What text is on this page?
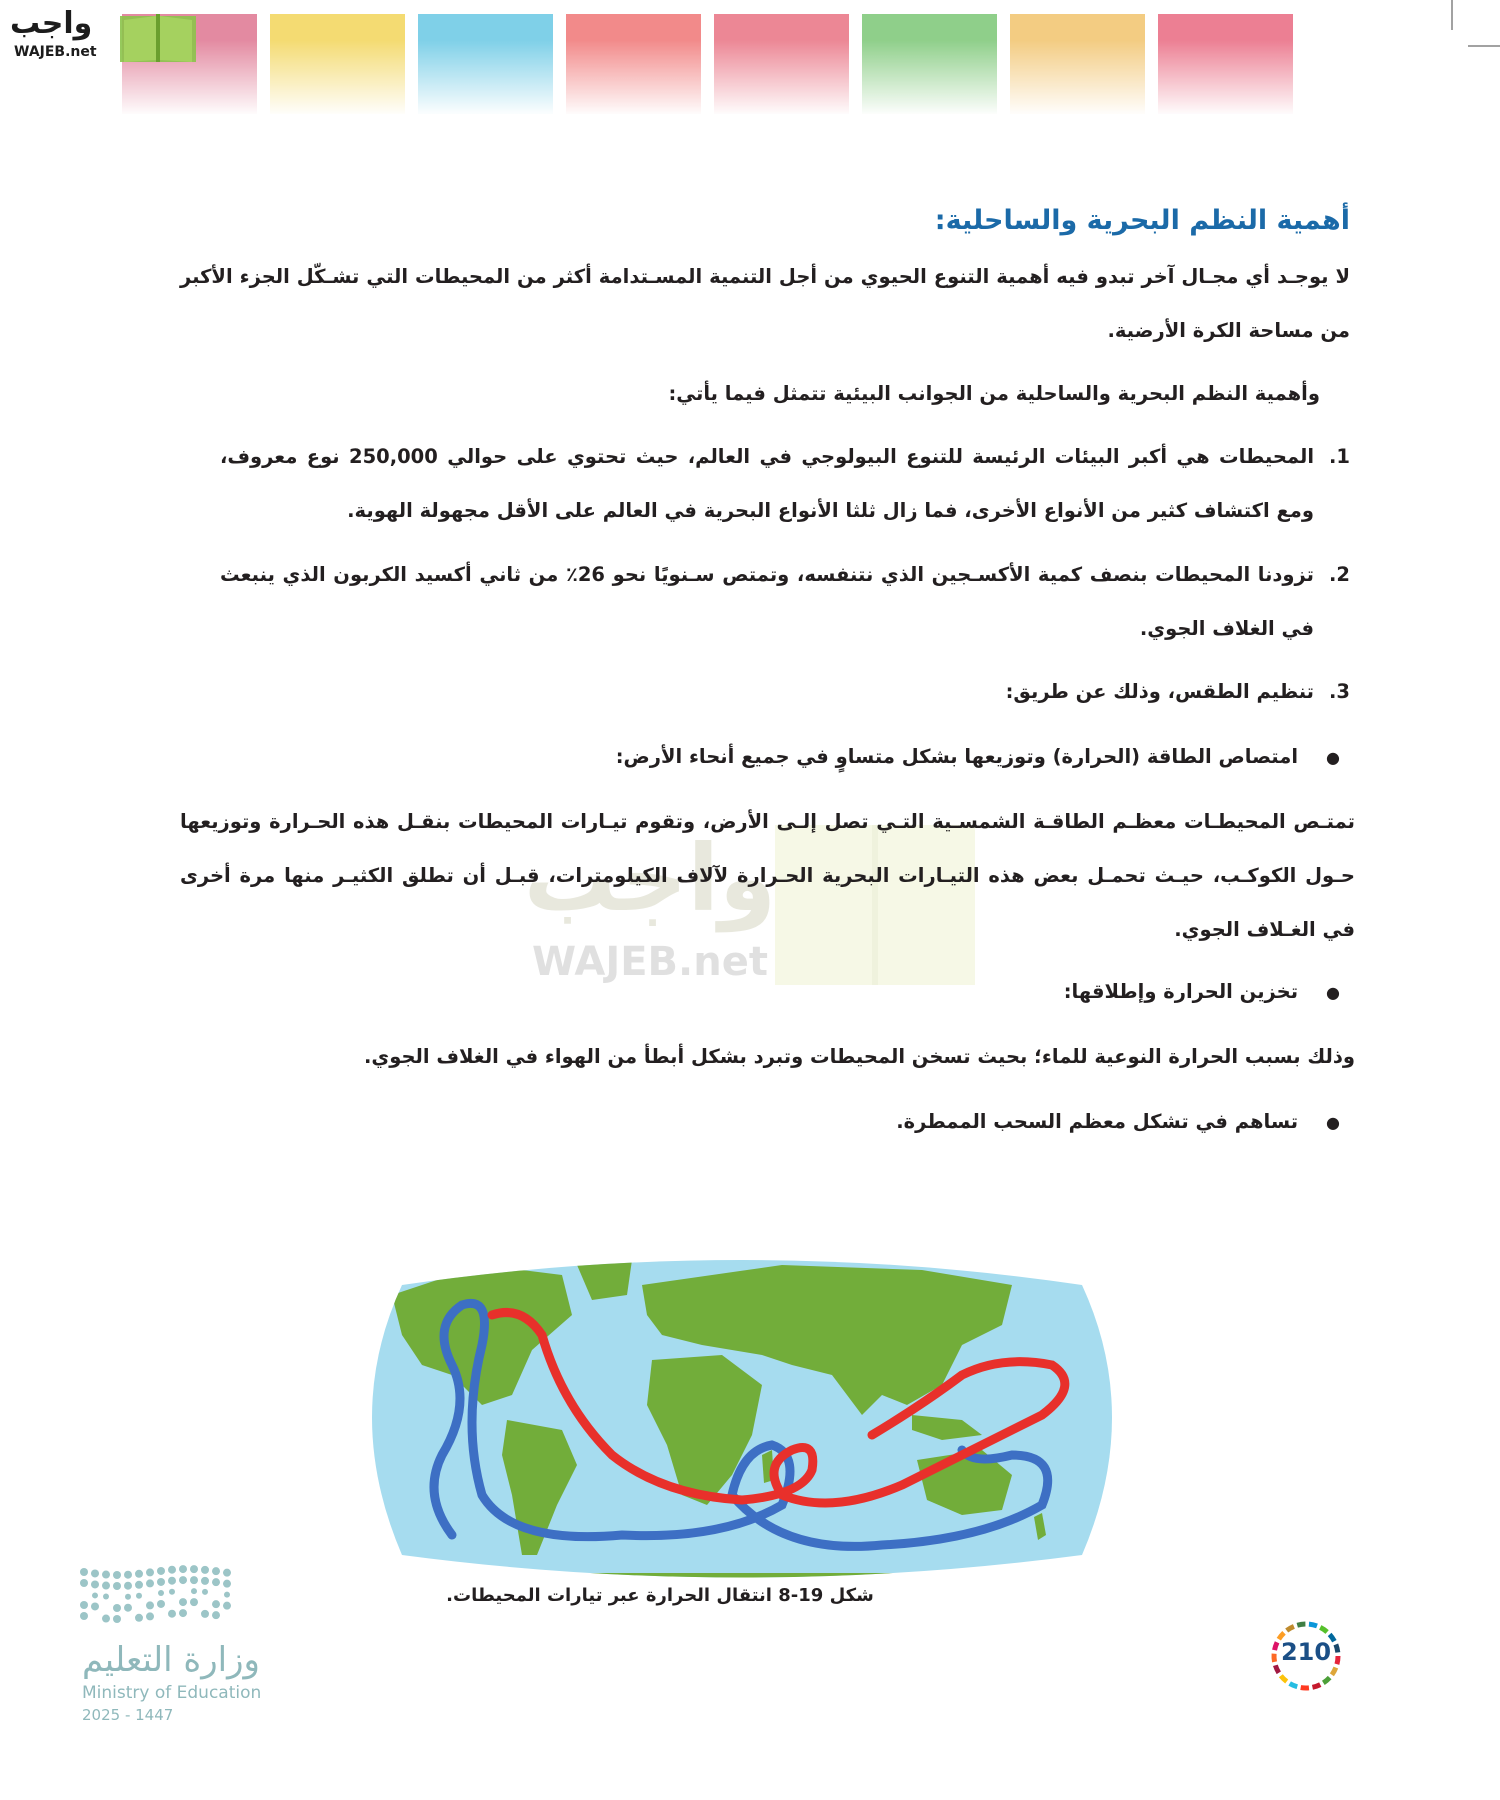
واجب
WAJEB.net
واجب
WAJEB.net
أهمية النظم البحرية والساحلية:

لا يوجـد أي مجـال آخر تبدو فيه أهمية التنوع الحيوي من أجل التنمية المسـتدامة أكثر من المحيطات التي تشـكّل الجزء الأكبر من مساحة الكرة الأرضية.

وأهمية النظم البحرية والساحلية من الجوانب البيئية تتمثل فيما يأتي:

1.
المحيطات هي أكبر البيئات الرئيسة للتنوع البيولوجي في العالم، حيث تحتوي على حوالي 250,000 نوع معروف، ومع اكتشاف كثير من الأنواع الأخرى، فما زال ثلثا الأنواع البحرية في العالم على الأقل مجهولة الهوية.
2.
تزودنا المحيطات بنصف كمية الأكسـجين الذي نتنفسه، وتمتص سـنويًا نحو 26٪ من ثاني أكسيد الكربون الذي ينبعث في الغلاف الجوي.
3.
تنظيم الطقس، وذلك عن طريق:
●امتصاص الطاقة (الحرارة) وتوزيعها بشكل متساوٍ في جميع أنحاء الأرض:

تمتـص المحيطـات معظـم الطاقـة الشمسـية التـي تصل إلـى الأرض، وتقوم تيـارات المحيطات بنقـل هذه الحـرارة وتوزيعها حـول الكوكـب، حيـث تحمـل بعض هذه التيـارات البحرية الحـرارة لآلاف الكيلومترات، قبـل أن تطلق الكثيـر منها مرة أخرى في الغـلاف الجوي.

●تخزين الحرارة وإطلاقها:

وذلك بسبب الحرارة النوعية للماء؛ بحيث تسخن المحيطات وتبرد بشكل أبطأ من الهواء في الغلاف الجوي.

●تساهم في تشكل معظم السحب الممطرة.
شكل 19-8 انتقال الحرارة عبر تيارات المحيطات.
210
وزارة التعليم
Ministry of Education
2025 - 1447
